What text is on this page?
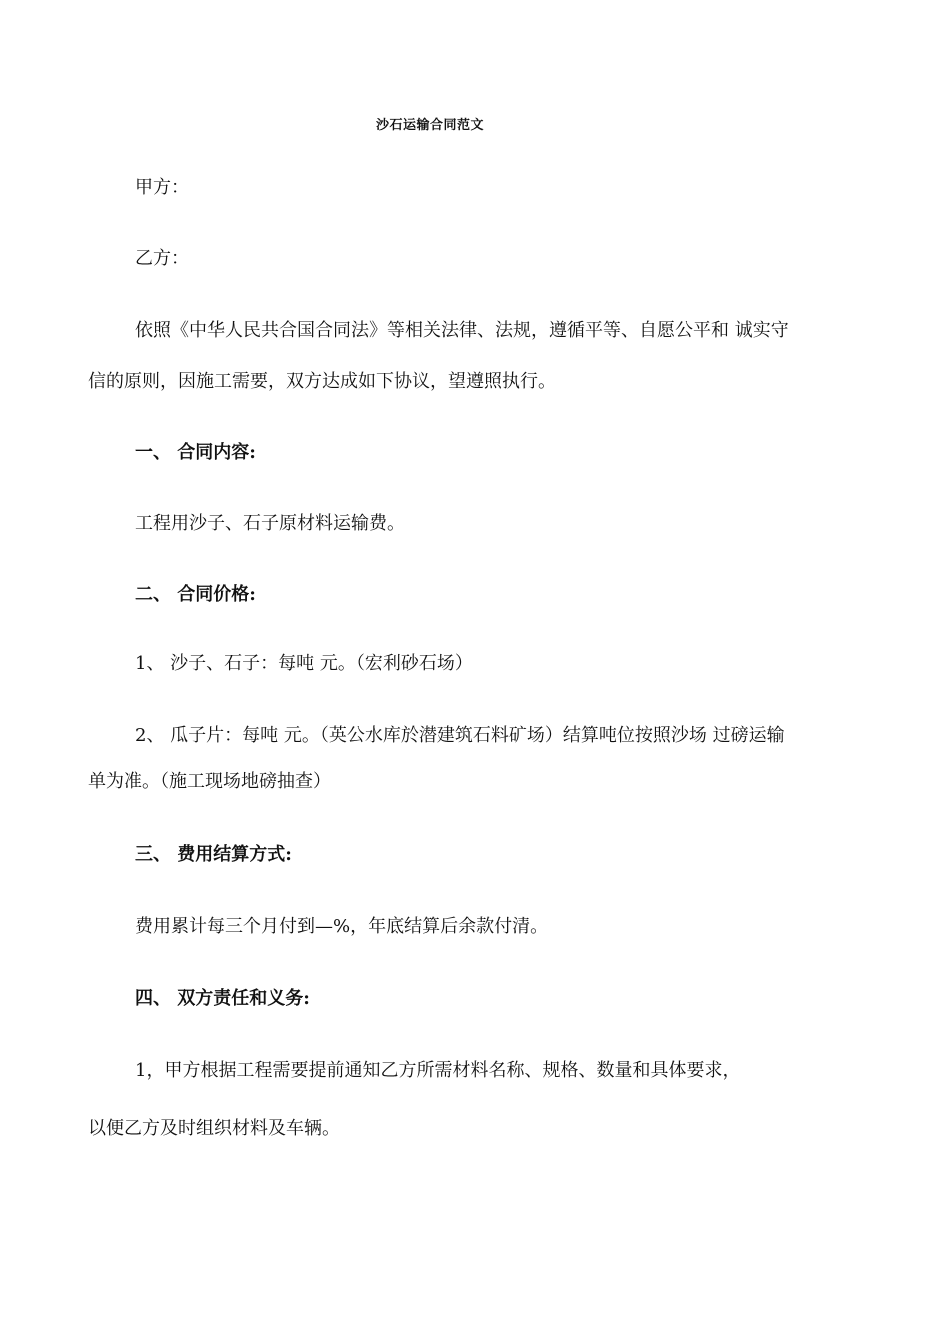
沙石运输合同范文
甲方：
乙方：
依照《中华人民共合国合同法》等相关法律、法规，遵循平等、自愿公平和 诚实守
信的原则，因施工需要，双方达成如下协议，望遵照执行。
一、 合同内容:
工程用沙子、石子原材料运输费。
二、 合同价格:
1、 沙子、石子：每吨 元。（宏利砂石场）
2、 瓜子片：每吨 元。（英公水库於潜建筑石料矿场）结算吨位按照沙场 过磅运输
单为准。（施工现场地磅抽查）
三、 费用结算方式:
费用累计每三个月付到—%，年底结算后余款付清。
四、 双方责任和义务:
1，甲方根据工程需要提前通知乙方所需材料名称、规格、数量和具体要求，
以便乙方及时组织材料及车辆。
